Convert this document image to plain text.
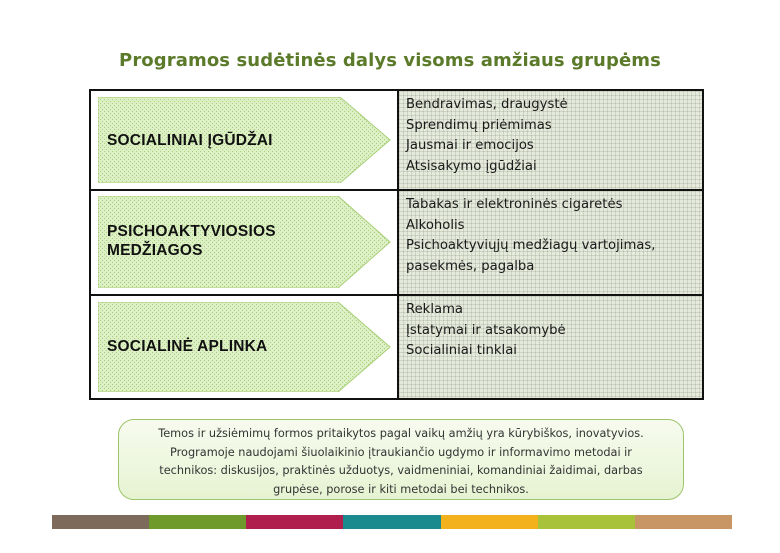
Programos sudėtinės dalys visoms amžiaus grupėms
SOCIALINIAI ĮGŪDŽAI
Bendravimas, draugystė
Sprendimų priėmimas
Jausmai ir emocijos
Atsisakymo įgūdžiai
PSICHOAKTYVIOSIOS
MEDŽIAGOS
Tabakas ir elektroninės cigaretės
Alkoholis
Psichoaktyviųjų medžiagų vartojimas,
pasekmės, pagalba
SOCIALINĖ APLINKA
Reklama
Įstatymai ir atsakomybė
Socialiniai tinklai
Temos ir užsiėmimų formos pritaikytos pagal vaikų amžių yra kūrybiškos, inovatyvios.
Programoje naudojami šiuolaikinio įtraukiančio ugdymo ir informavimo metodai ir
technikos: diskusijos, praktinės užduotys, vaidmeniniai, komandiniai žaidimai, darbas
grupėse, porose ir kiti metodai bei technikos.
